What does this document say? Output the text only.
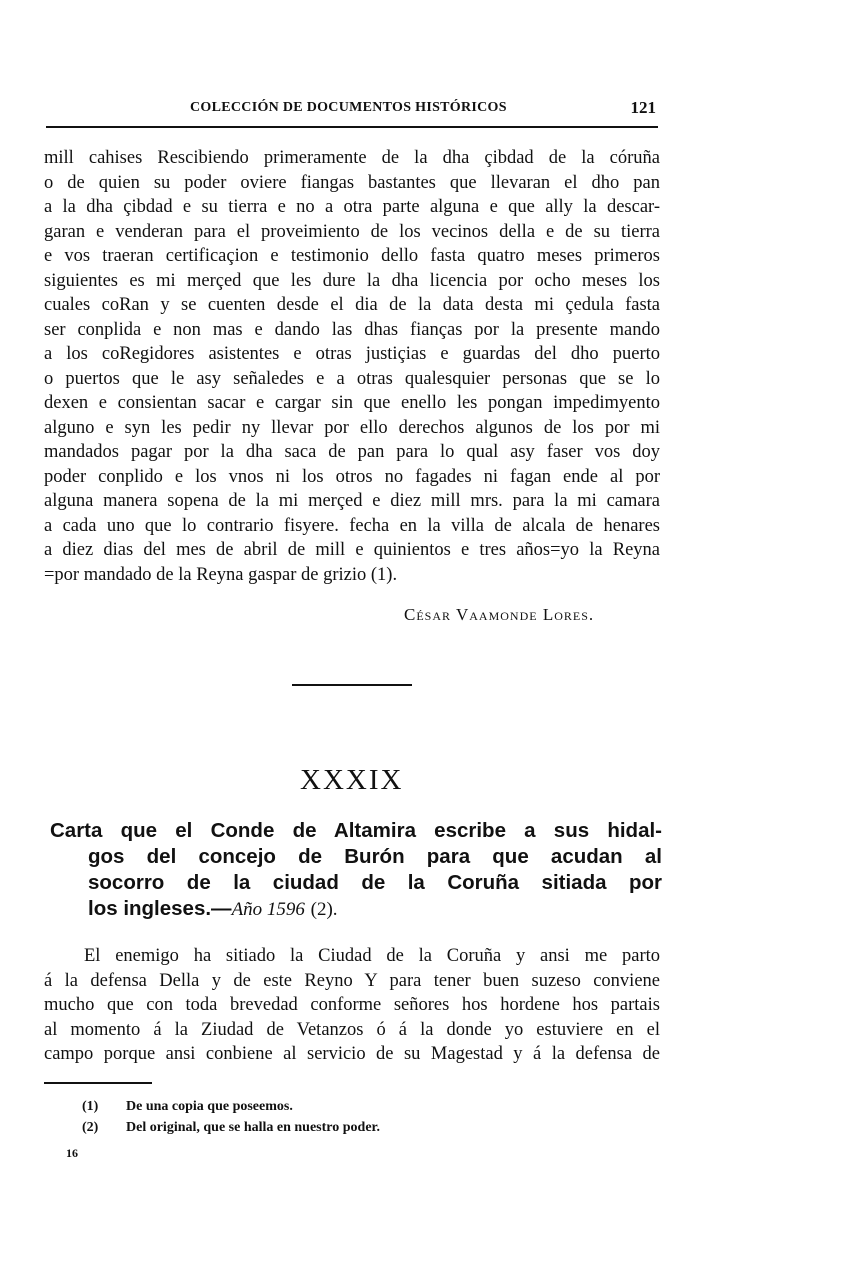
COLECCIÓN DE DOCUMENTOS HISTÓRICOS	121
mill cahises Rescibiendo primeramente de la dha çibdad de la córuña
o de quien su poder oviere fiangas bastantes que llevaran el dho pan
a la dha çibdad e su tierra e no a otra parte alguna e que ally la descar-
garan e venderan para el proveimiento de los vecinos della e de su tierra
e vos traeran certificaçion e testimonio dello fasta quatro meses primeros
siguientes es mi merçed que les dure la dha licencia por ocho meses los
cuales coRan y se cuenten desde el dia de la data desta mi çedula fasta
ser conplida e non mas e dando las dhas fianças por la presente mando
a los coRegidores asistentes e otras justiçias e guardas del dho puerto
o puertos que le asy señaledes e a otras qualesquier personas que se lo
dexen e consientan sacar e cargar sin que enello les pongan impedimyento
alguno e syn les pedir ny llevar por ello derechos algunos de los por mi
mandados pagar por la dha saca de pan para lo qual asy faser vos doy
poder conplido e los vnos ni los otros no fagades ni fagan ende al por
alguna manera sopena de la mi merçed e diez mill mrs. para la mi camara
a cada uno que lo contrario fisyere. fecha en la villa de alcala de henares
a diez dias del mes de abril de mill e quinientos e tres años=yo la Reyna
=por mandado de la Reyna gaspar de grizio (1).
César Vaamonde Lores.
XXXIX
Carta que el Conde de Altamira escribe a sus hidal-
gos del concejo de Burón para que acudan al
socorro de la ciudad de la Coruña sitiada por
los ingleses.—Año 1596 (2).
El enemigo ha sitiado la Ciudad de la Coruña y ansi me parto
á la defensa Della y de este Reyno Y para tener buen suzeso conviene
mucho que con toda brevedad conforme señores hos hordene hos partais
al momento á la Ziudad de Vetanzos ó á la donde yo estuviere en el
campo porque ansi conbiene al servicio de su Magestad y á la defensa de
(1) De una copia que poseemos.
(2) Del original, que se halla en nuestro poder.
16
